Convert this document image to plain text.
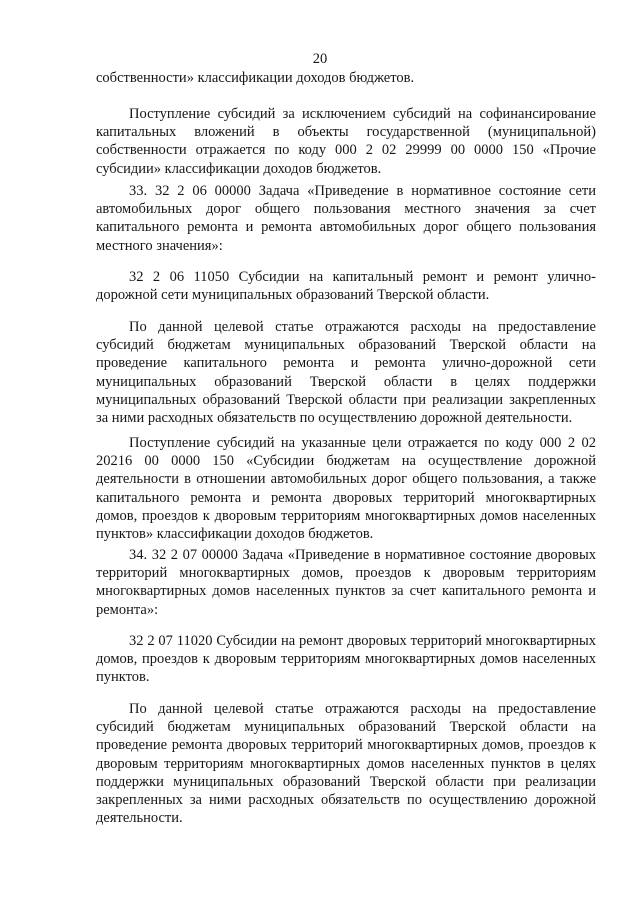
20

собственности» классификации доходов бюджетов.

Поступление субсидий за исключением субсидий на софинансирование капитальных вложений в объекты государственной (муниципальной) собственности отражается по коду 000 2 02 29999 00 0000 150 «Прочие субсидии» классификации доходов бюджетов.

33. 32 2 06 00000 Задача «Приведение в нормативное состояние сети автомобильных дорог общего пользования местного значения за счет капитального ремонта и ремонта автомобильных дорог общего пользования местного значения»:

32 2 06 11050 Субсидии на капитальный ремонт и ремонт улично-дорожной сети муниципальных образований Тверской области.

По данной целевой статье отражаются расходы на предоставление субсидий бюджетам муниципальных образований Тверской области на проведение капитального ремонта и ремонта улично-дорожной сети муниципальных образований Тверской области в целях поддержки муниципальных образований Тверской области при реализации закрепленных за ними расходных обязательств по осуществлению дорожной деятельности.

Поступление субсидий на указанные цели отражается по коду 000 2 02 20216 00 0000 150 «Субсидии бюджетам на осуществление дорожной деятельности в отношении автомобильных дорог общего пользования, а также капитального ремонта и ремонта дворовых территорий многоквартирных домов, проездов к дворовым территориям многоквартирных домов населенных пунктов» классификации доходов бюджетов.

34. 32 2 07 00000 Задача «Приведение в нормативное состояние дворовых территорий многоквартирных домов, проездов к дворовым территориям многоквартирных домов населенных пунктов за счет капитального ремонта и ремонта»:

32 2 07 11020 Субсидии на ремонт дворовых территорий многоквартирных домов, проездов к дворовым территориям многоквартирных домов населенных пунктов.

По данной целевой статье отражаются расходы на предоставление субсидий бюджетам муниципальных образований Тверской области на проведение ремонта дворовых территорий многоквартирных домов, проездов к дворовым территориям многоквартирных домов населенных пунктов в целях поддержки муниципальных образований Тверской области при реализации закрепленных за ними расходных обязательств по осуществлению дорожной деятельности.
